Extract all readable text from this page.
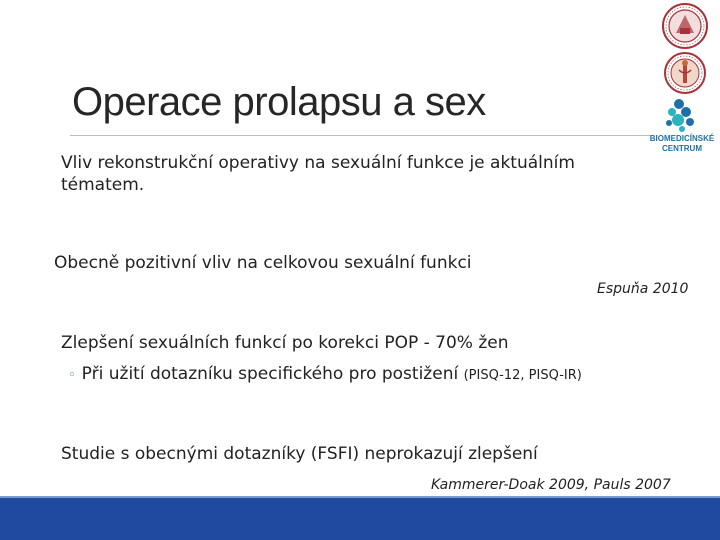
BIOMEDICÍNSKÉ
CENTRUM
Operace prolapsu a sex
Vliv rekonstrukční operativy na sexuální funkce je aktuálním tématem.
Obecně pozitivní vliv na celkovou sexuální funkci
Espuňa 2010
Zlepšení sexuálních funkcí po korekci POP - 70% žen
◦ Při užití dotazníku specifického pro postižení (PISQ-12, PISQ-IR)
Studie s obecnými dotazníky (FSFI) neprokazují zlepšení
Kammerer-Doak 2009, Pauls 2007
